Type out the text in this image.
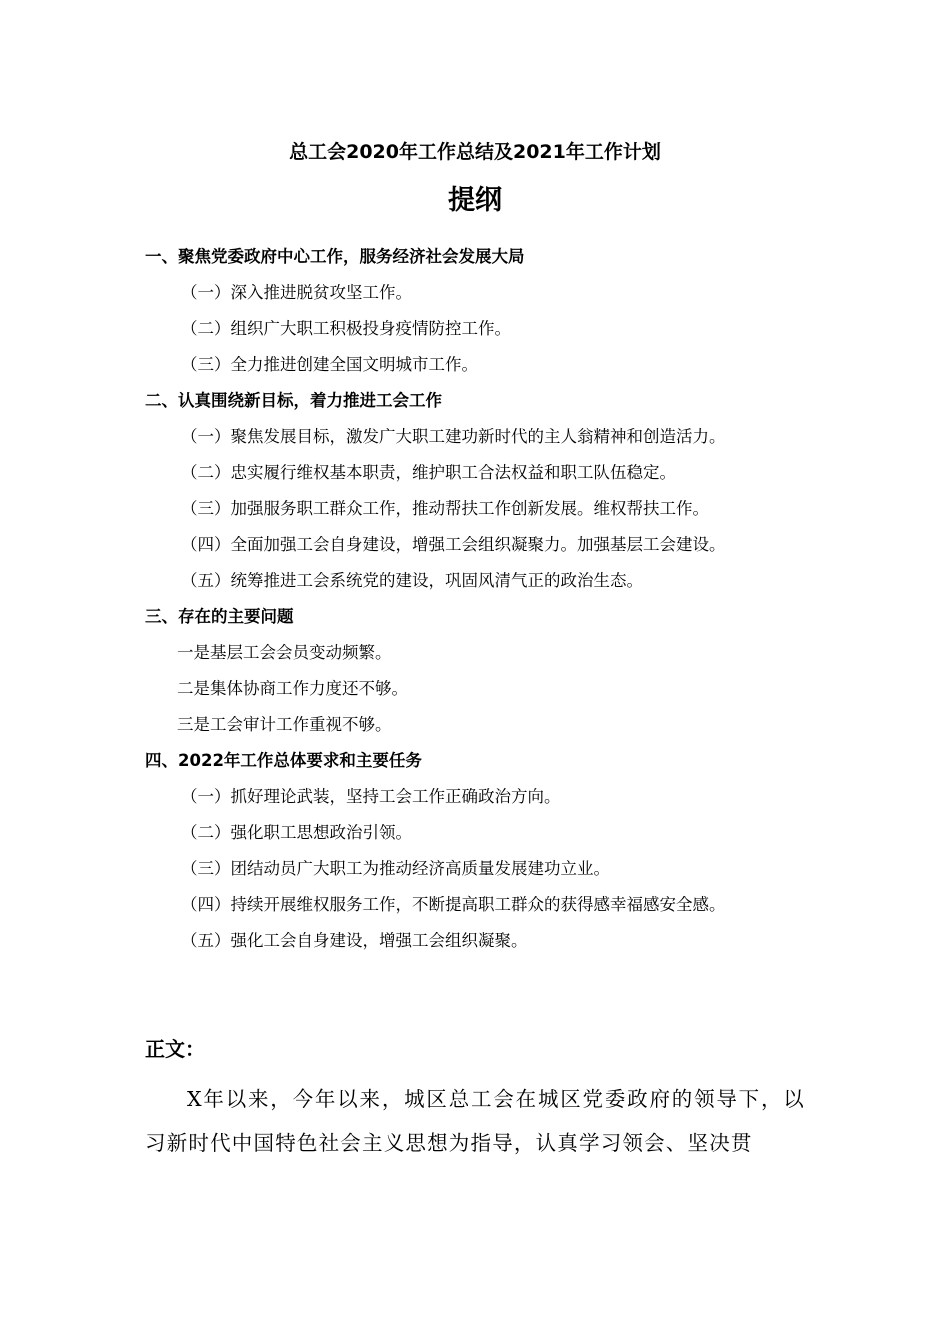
总工会2020年工作总结及2021年工作计划
提纲
一、聚焦党委政府中心工作，服务经济社会发展大局
（一）深入推进脱贫攻坚工作。
（二）组织广大职工积极投身疫情防控工作。
（三）全力推进创建全国文明城市工作。
二、认真围绕新目标，着力推进工会工作
（一）聚焦发展目标，激发广大职工建功新时代的主人翁精神和创造活力。
（二）忠实履行维权基本职责，维护职工合法权益和职工队伍稳定。
（三）加强服务职工群众工作，推动帮扶工作创新发展。维权帮扶工作。
（四）全面加强工会自身建设，增强工会组织凝聚力。加强基层工会建设。
（五）统筹推进工会系统党的建设，巩固风清气正的政治生态。
三、存在的主要问题
一是基层工会会员变动频繁。
二是集体协商工作力度还不够。
三是工会审计工作重视不够。
四、2022年工作总体要求和主要任务
（一）抓好理论武装，坚持工会工作正确政治方向。
（二）强化职工思想政治引领。
（三）团结动员广大职工为推动经济高质量发展建功立业。
（四）持续开展维权服务工作，不断提高职工群众的获得感幸福感安全感。
（五）强化工会自身建设，增强工会组织凝聚。
正文：
X年以来，今年以来，城区总工会在城区党委政府的领导下，以习新时代中国特色社会主义思想为指导，认真学习领会、坚决贯
